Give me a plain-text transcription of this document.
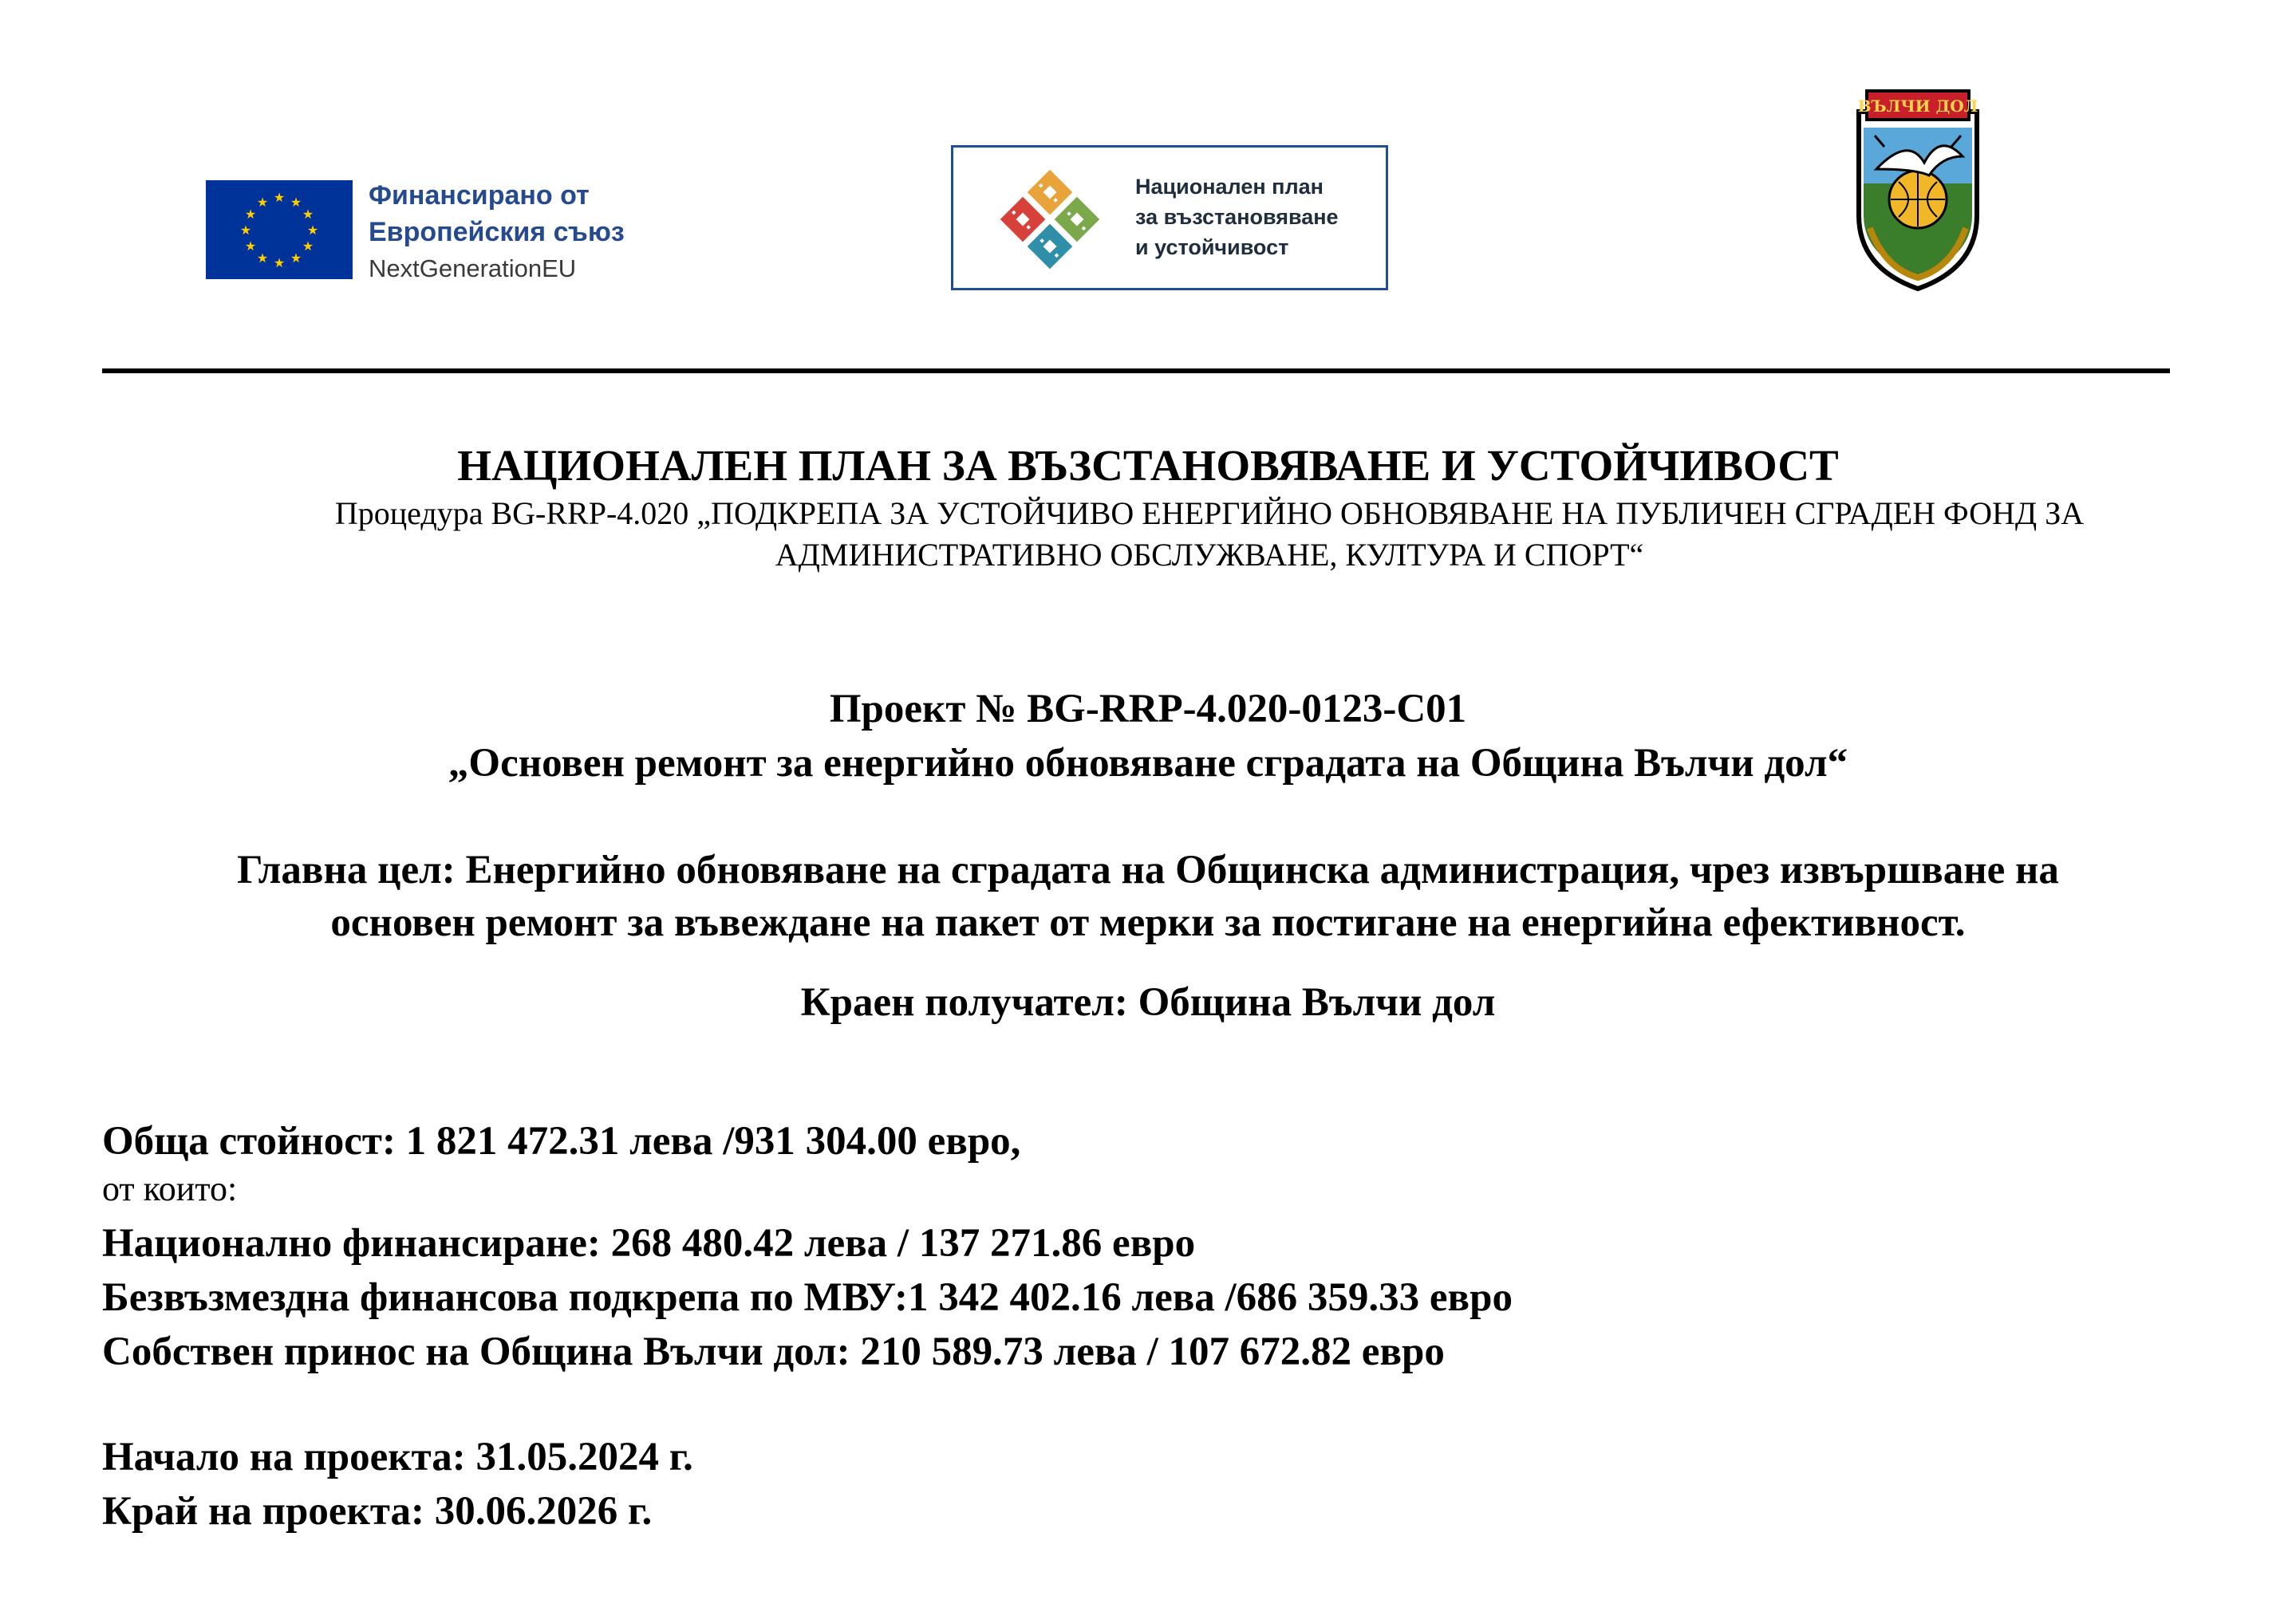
★ ★
★
★
★
★
★
★
★
★
★
★	Финансирано от
Европейския съюз
NextGenerationEU
Национален план
за възстановяване
и устойчивост
ВЪЛЧИ ДОЛ
НАЦИОНАЛЕН ПЛАН ЗА ВЪЗСТАНОВЯВАНЕ И УСТОЙЧИВОСТ
Процедура BG-RRP-4.020 „ПОДКРЕПА ЗА УСТОЙЧИВО ЕНЕРГИЙНО ОБНОВЯВАНЕ НА ПУБЛИЧЕН СГРАДЕН ФОНД ЗА
АДМИНИСТРАТИВНО ОБСЛУЖВАНЕ, КУЛТУРА И СПОРТ“
Проект № BG-RRP-4.020-0123-C01
„Основен ремонт за енергийно обновяване сградата на Община Вълчи дол“
Главна цел: Енергийно обновяване на сградата на Общинска администрация, чрез извършване на
основен ремонт за въвеждане на пакет от мерки за постигане на енергийна ефективност.
Краен получател: Община Вълчи дол
Обща стойност: 1 821 472.31 лева /931 304.00 евро,
от които:
Национално финансиране: 268 480.42 лева / 137 271.86 евро
Безвъзмездна финансова подкрепа по МВУ:1 342 402.16 лева /686 359.33 евро
Собствен принос на Община Вълчи дол: 210 589.73 лева / 107 672.82 евро
Начало на проекта: 31.05.2024 г.
Край на проекта: 30.06.2026 г.
